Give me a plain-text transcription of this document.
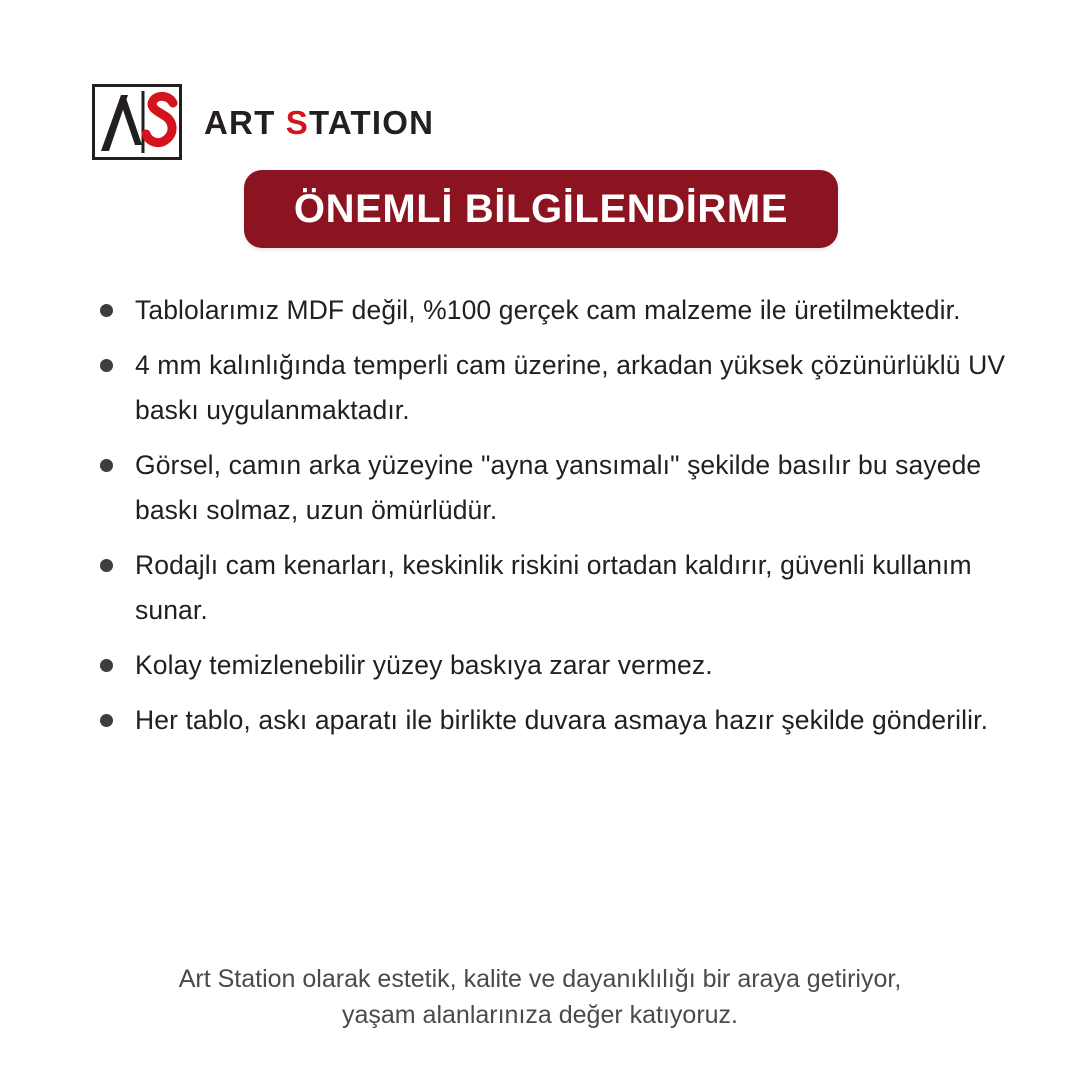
ART STATION
ÖNEMLİ BİLGİLENDİRME
Tablolarımız MDF değil, %100 gerçek cam malzeme ile üretilmektedir.
4 mm kalınlığında temperli cam üzerine, arkadan yüksek çözünürlüklü UV baskı uygulanmaktadır.
Görsel, camın arka yüzeyine "ayna yansımalı" şekilde basılır bu sayede baskı solmaz, uzun ömürlüdür.
Rodajlı cam kenarları, keskinlik riskini ortadan kaldırır, güvenli kullanım sunar.
Kolay temizlenebilir yüzey baskıya zarar vermez.
Her tablo, askı aparatı ile birlikte duvara asmaya hazır şekilde gönderilir.
Art Station olarak estetik, kalite ve dayanıklılığı bir araya getiriyor,
yaşam alanlarınıza değer katıyoruz.
